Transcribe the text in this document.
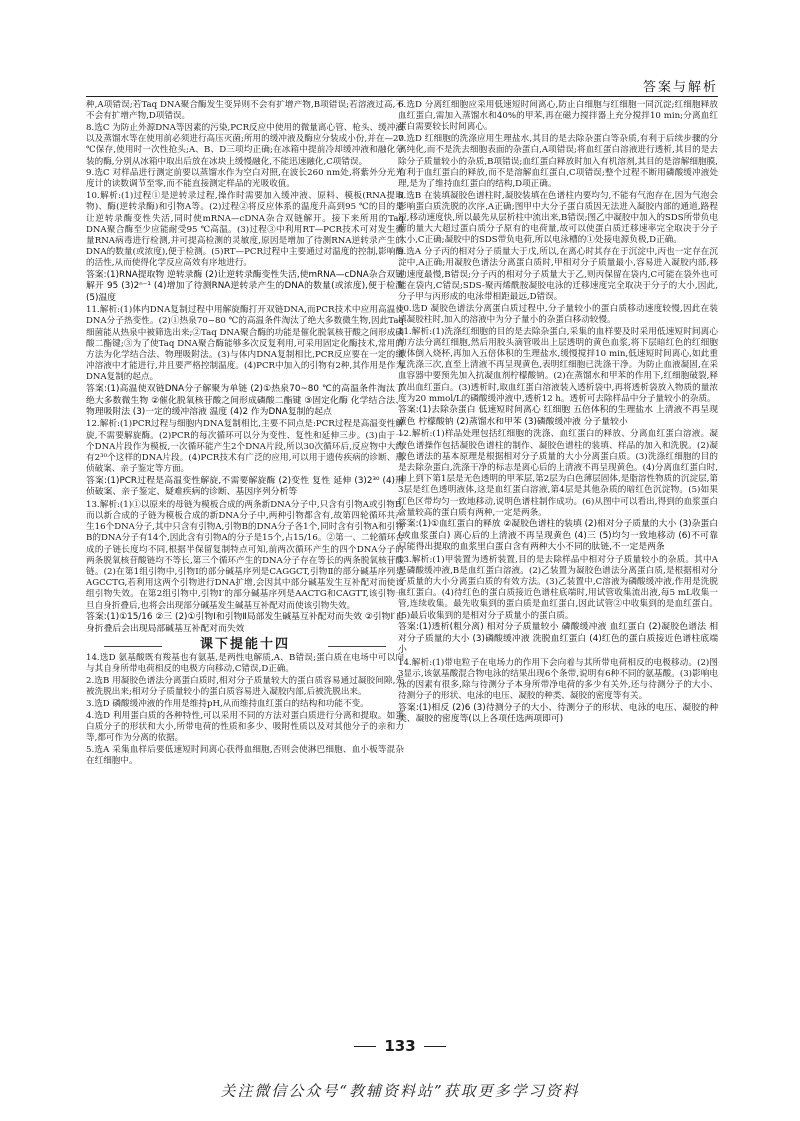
答案与解析

种,A项错误;若Taq DNA聚合酶发生变异则不会有扩增产物,B项错误;若溶液过高,不不会有扩增产物,D项错误。

8.选C 为防止外源DNA等因素的污染,PCR反应中使用的微量离心管、枪头、缓冲液以及蒸馏水等在使用前必须进行高压灭菌;所用的缓冲液及酶应分装成小份,并在—20 ℃保存,使用时一次性抢头;A、B、D三项均正确;在冰箱中提前冷却缓冲液和融化分装的酶,分别从冰箱中取出后放在冰块上缓慢融化,不能迅速融化,C项错误。

9.选C 对样品进行测定前要以蒸馏水作为空白对照,在波长260 nm处,将紫外分光光度计的读数调节至零,而不能直接测定样品的光吸收值。

10.解析:(1)过程①是逆转录过程,操作时需要加入缓冲液、原料、模板(RNA提取物)、酶(逆转录酶)和引物A等。(2)过程②将反应体系的温度升高到95 ℃的目的是让逆转录酶变性失活,同时使mRNA—cDNA杂合双链解开。接下来所用的Taq DNA聚合酶至少应能耐受95 ℃高温。(3)过程③中利用RT—PCR技术可对发生微量RNA病毒进行检测,并可提高检测的灵敏度,原因是增加了待测RNA逆转录产生的DNA的数量(或浓度),便于检测。(5)RT—PCR过程中主要通过对温度的控制,影响酶的活性,从而使得化学反应高效有序地进行。

答案:(1)RNA提取物 逆转录酶 (2)让逆转录酶变性失活,使mRNA—cDNA杂合双链解开 95 (3)2ⁿ⁻¹ (4)增加了待测RNA逆转录产生的DNA的数量(或浓度),便于检测 (5)温度

11.解析:(1)体内DNA复制过程中用解旋酶打开双链DNA,而PCR技术中应用高温使DNA分子热变性。(2)①热泉70~80 ℃的高温条件淘汰了绝大多数微生物,因此Taq细菌能从热泉中被筛选出来;②Taq DNA聚合酶的功能是催化脱氧核苷酸之间形成磷酸二酯键;③为了使Taq DNA聚合酶能够多次反复利用,可采用固定化酶技术,常用的方法为化学结合法、物理吸附法。(3)与体内DNA复制相比,PCR反应要在一定的缓冲溶液中才能进行,并且要严格控制温度。(4)PCR中加入的引物有2种,其作用是作为DNA复制的起点。

答案:(1)高温使双链DNA分子解聚为单链 (2)①热泉70~80 ℃的高温条件淘汰了绝大多数微生物 ②催化脱氧核苷酸之间形成磷酸二酯键 ③固定化酶 化学结合法、物理吸附法 (3)一定的缓冲溶液 温度 (4)2 作为DNA复制的起点

12.解析:(1)PCR过程与细胞内DNA复制相比,主要不同点是:PCR过程是高温变性解旋,不需要解旋酶。(2)PCR的每次循环可以分为变性、复性和延伸三步。(3)由于一个DNA片段作为模板,一次循环能产生2个DNA片段,所以30次循环后,反应物中大约有2³⁰个这样的DNA片段。(4)PCR技术有广泛的应用,可以用于遗传疾病的诊断、刑侦破案、亲子鉴定等方面。

答案:(1)PCR过程是高温变性解旋,不需要解旋酶 (2)变性 复性 延伸 (3)2³⁰ (4)刑侦破案、亲子鉴定、疑难疾病的诊断、基因序列分析等

13.解析:(1)①以原来的母链为模板合成的两条新DNA分子中,只含有引物A或引物B,而以新合成的子链为模板合成的新DNA分子中,两种引物都含有,故第四轮循环共产生16个DNA分子,其中只含有引物A,引物B的DNA分子各1个,同时含有引物A和引物B的DNA分子有14个,因此含有引物A的分子是15个,占15/16。②第一、二轮循环合成的子链长度均不同,根据半保留复制特点可知,前两次循环产生的四个DNA分子的两条脱氧核苷酸链均不等长,第三个循环产生的DNA分子存在等长的两条脱氧核苷酸链。(2)在第1组引物中,引物Ⅰ的部分碱基序列是CAGGCT,引物Ⅱ的部分碱基序列是AGCCTG,若利用这两个引物进行DNA扩增,会因其中部分碱基发生互补配对而使该组引物失效。在第2组引物中,引物Ⅰ′的部分碱基序列是AACTG和CAGTT,该引物一旦自身折叠后,也将会出现部分碱基发生碱基互补配对而使该引物失效。

答案:(1)①15/16 ②三 (2)①引物Ⅰ和引物Ⅱ局部发生碱基互补配对而失效 ②引物Ⅰ′自身折叠后会出现局部碱基互补配对而失效

课下提能十四

14.选D 氨基酸既有羧基也有氨基,是两性电解质,A、B错误;蛋白质在电场中可以向与其自身所带电荷相反的电极方向移动,C错误,D正确。

2.选B 用凝胶色谱法分离蛋白质时,相对分子质量较大的蛋白质容易通过凝胶间隙,先被洗脱出来;相对分子质量较小的蛋白质容易进入凝胶内部,后被洗脱出来。

3.选D 磷酸缓冲液的作用是维持pH,从而维持血红蛋白的结构和功能不变。

4.选D 利用蛋白质的各种特性,可以采用不同的方法对蛋白质进行分离和提取。如蛋白质分子的形状和大小,所带电荷的性质和多少、吸附性质以及对其他分子的亲和力等,都可作为分离的依据。

5.选A 采集血样后要低速短时间离心获得血细胞,否则会使淋巴细胞、血小板等混杂在红细胞中。

6.选D 分离红细胞应采用低速短时间离心,防止白细胞与红细胞一同沉淀;红细胞释放血红蛋白,需加入蒸馏水和40%的甲苯,再在磁力搅拌器上充分搅拌10 min;分离血红蛋白需要较长时间离心。

7.选D 红细胞的洗涤应用生理盐水,其目的是去除杂蛋白等杂质,有利于后续步骤的分离纯化,而不是洗去细胞表面的杂蛋白,A项错误;将血红蛋白溶液进行透析,其目的是去除分子质量较小的杂质,B项错误;血红蛋白释放时加入有机溶剂,其目的是溶解细胞膜,有利于血红蛋白的释放,而不是溶解血红蛋白,C项错误;整个过程不断用磷酸缓冲液处理,是为了维持血红蛋白的结构,D项正确。

8.选B 在装填凝胶色谱柱时,凝胶装填在色谱柱内要均匀,不能有气泡存在,因为气泡会影响蛋白质洗脱的次序,A正确;图甲中大分子蛋白质因无法进入凝胶内部的通道,路程短,移动速度快,所以最先从层析柱中流出来,B错误;图乙中凝胶中加入的SDS所带负电荷的量大大超过蛋白质分子原有的电荷量,故可以使蛋白质迁移速率完全取决于分子大小,C正确;凝胶中的SDS带负电荷,所以电泳槽的①处接电源负极,D正确。

9.选A 分子丙的相对分子质量大于戊,所以,在离心时其存在于沉淀中,丙也一定存在沉淀中,A正确;用凝胶色谱法分离蛋白质时,甲相对分子质量最小,容易进入凝胶内部,移动速度最慢,B错误;分子丙的相对分子质量大于乙,则丙保留在袋内,C可能在袋外也可能在袋内,C错误;SDS-聚丙烯酰胺凝胶电泳的迁移速度完全取决于分子的大小,因此,分子甲与丙形成的电泳带相距最远,D错误。

10.选D 凝胶色谱法分离蛋白质过程中,分子量较小的蛋白质移动速度较慢,因此在装填凝胶柱时,加入的溶液中为分子量小的杂蛋白移动较慢。

11.解析:(1)洗涤红细胞的目的是去除杂蛋白,采集的血样要及时采用低速短时间离心的方法分离红细胞,然后用胶头滴管吸出上层透明的黄色血浆,将下层暗红色的红细胞液体倒入烧杯,再加入五倍体积的生理盐水,缓慢搅拌10 min,低速短时间离心,如此重复洗涤三次,直至上清液不再呈现黄色,表明红细胞已洗涤干净。为防止血液凝固,在采血容器中要预先加入抗凝血剂柠檬酸钠。(2)在蒸馏水和甲苯的作用下,红细胞破裂,释放出血红蛋白。(3)透析时,取血红蛋白溶液装入透析袋中,再将透析袋放入物质的量浓度为20 mmol/L的磷酸缓冲液中,透析12 h。透析可去除样品中分子量较小的杂质。

答案:(1)去除杂蛋白 低速短时间离心 红细胞 五倍体积的生理盐水 上清液不再呈现黄色 柠檬酸钠 (2)蒸馏水和甲苯 (3)磷酸缓冲液 分子量较小

12.解析:(1)样品处理包括红细胞的洗涤、血红蛋白的释放、分离血红蛋白溶液。凝胶色谱操作包括凝胶色谱柱的制作、凝胶色谱柱的装填、样品的加入和洗脱。(2)凝胶色谱法的基本原理是根据相对分子质量的大小分离蛋白质。(3)洗涤红细胞的目的是去除杂蛋白,洗涤干净的标志是离心后的上清液不再呈现黄色。(4)分离血红蛋白时,由上到下第1层是无色透明的甲苯层,第2层为白色薄层固体,是脂溶性物质的沉淀层,第3层是红色透明液体,这是血红蛋白溶液,第4层是其他杂质的暗红色沉淀物。(5)如果红色区带均匀一致地移动,说明色谱柱制作成功。(6)从图中可以看出,得到的血浆蛋白含量较高的蛋白质有两种,一定是两条。

答案:(1)①血红蛋白的释放 ②凝胶色谱柱的装填 (2)相对分子质量的大小 (3)杂蛋白(或血浆蛋白) 离心后的上清液不再呈现黄色 (4)三 (5)均匀一致地移动 (6)不可靠 只能得出提取的血浆里白蛋白含有两种大小不同的肽链,不一定是两条

13.解析:(1)甲装置为透析装置,目的是去除样品中相对分子质量较小的杂质。其中A是磷酸缓冲液,B是血红蛋白溶液。(2)乙装置为凝胶色谱法分离蛋白质,是根据相对分子质量的大小分离蛋白质的有效方法。(3)乙装置中,C溶液为磷酸缓冲液,作用是洗脱血红蛋白。(4)待红色的蛋白质接近色谱柱底端时,用试管收集流出液,每5 mL收集一管,连续收集。最先收集到的蛋白质是血红蛋白,因此试管②中收集到的是血红蛋白。(5)最后收集到的是相对分子质量小的蛋白质。

答案:(1)透析(粗分离) 相对分子质量较小 磷酸缓冲液 血红蛋白 (2)凝胶色谱法 相对分子质量的大小 (3)磷酸缓冲液 洗脱血红蛋白 (4)红色的蛋白质接近色谱柱底端 小

14.解析:(1)带电粒子在电场力的作用下会向着与其所带电荷相反的电极移动。(2)图3显示,该氨基酸混合物电泳的结果出现6个条带,说明有6种不同的氨基酸。(3)影响电泳的因素有很多,除与待测分子本身所带净电荷的多少有关外,还与待测分子的大小、待测分子的形状、电泳的电压、凝胶的种类、凝胶的密度等有关。

答案:(1)相反 (2)6 (3)待测分子的大小、待测分子的形状、电泳的电压、凝胶的种类、凝胶的密度等(以上各项任选两项即可)

133
关注微信公众号“教辅资料站”获取更多学习资料
